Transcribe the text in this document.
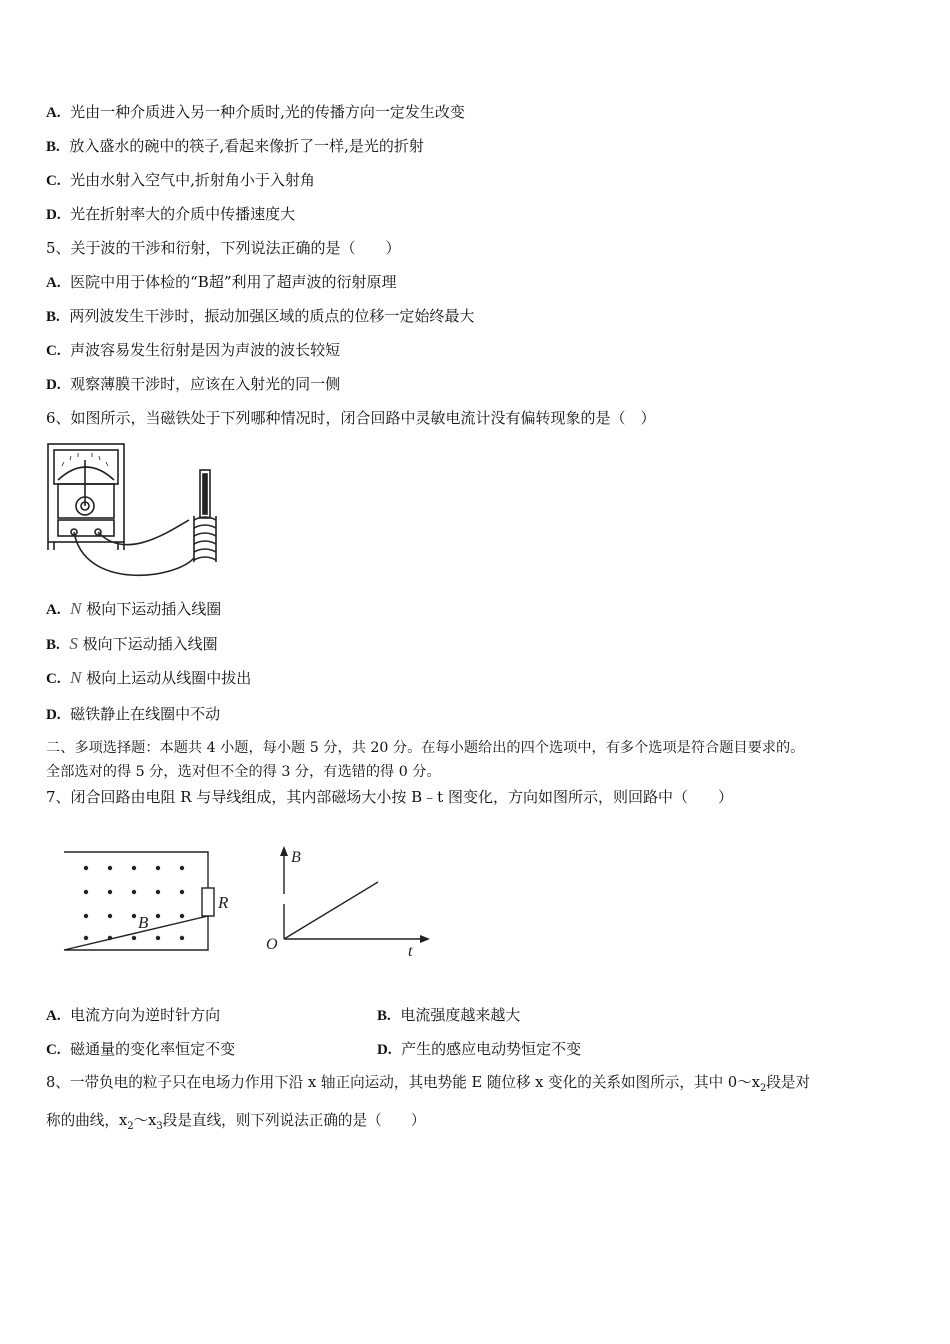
A. 光由一种介质进入另一种介质时,光的传播方向一定发生改变
B. 放入盛水的碗中的筷子,看起来像折了一样,是光的折射
C. 光由水射入空气中,折射角小于入射角
D. 光在折射率大的介质中传播速度大
5、关于波的干涉和衍射，下列说法正确的是（　　）
A. 医院中用于体检的“B超”利用了超声波的衍射原理
B. 两列波发生干涉时，振动加强区域的质点的位移一定始终最大
C. 声波容易发生衍射是因为声波的波长较短
D. 观察薄膜干涉时，应该在入射光的同一侧
6、如图所示，当磁铁处于下列哪种情况时，闭合回路中灵敏电流计没有偏转现象的是（　）
A. N 极向下运动插入线圈
B. S 极向下运动插入线圈
C. N 极向上运动从线圈中拔出
D. 磁铁静止在线圈中不动
二、多项选择题：本题共 4 小题，每小题 5 分，共 20 分。在每小题给出的四个选项中，有多个选项是符合题目要求的。
全部选对的得 5 分，选对但不全的得 3 分，有选错的得 0 分。
7、闭合回路由电阻 R 与导线组成，其内部磁场大小按 B﹣t 图变化，方向如图所示，则回路中（　　）
B
R
B
O	t
A. 电流方向为逆时针方向	B. 电流强度越来越大
C. 磁通量的变化率恒定不变	D. 产生的感应电动势恒定不变
8、一带负电的粒子只在电场力作用下沿 x 轴正向运动，其电势能 E 随位移 x 变化的关系如图所示，其中 $0\sim x_2$段是对
称的曲线，$x_2\sim x_3$段是直线，则下列说法正确的是（　　）
